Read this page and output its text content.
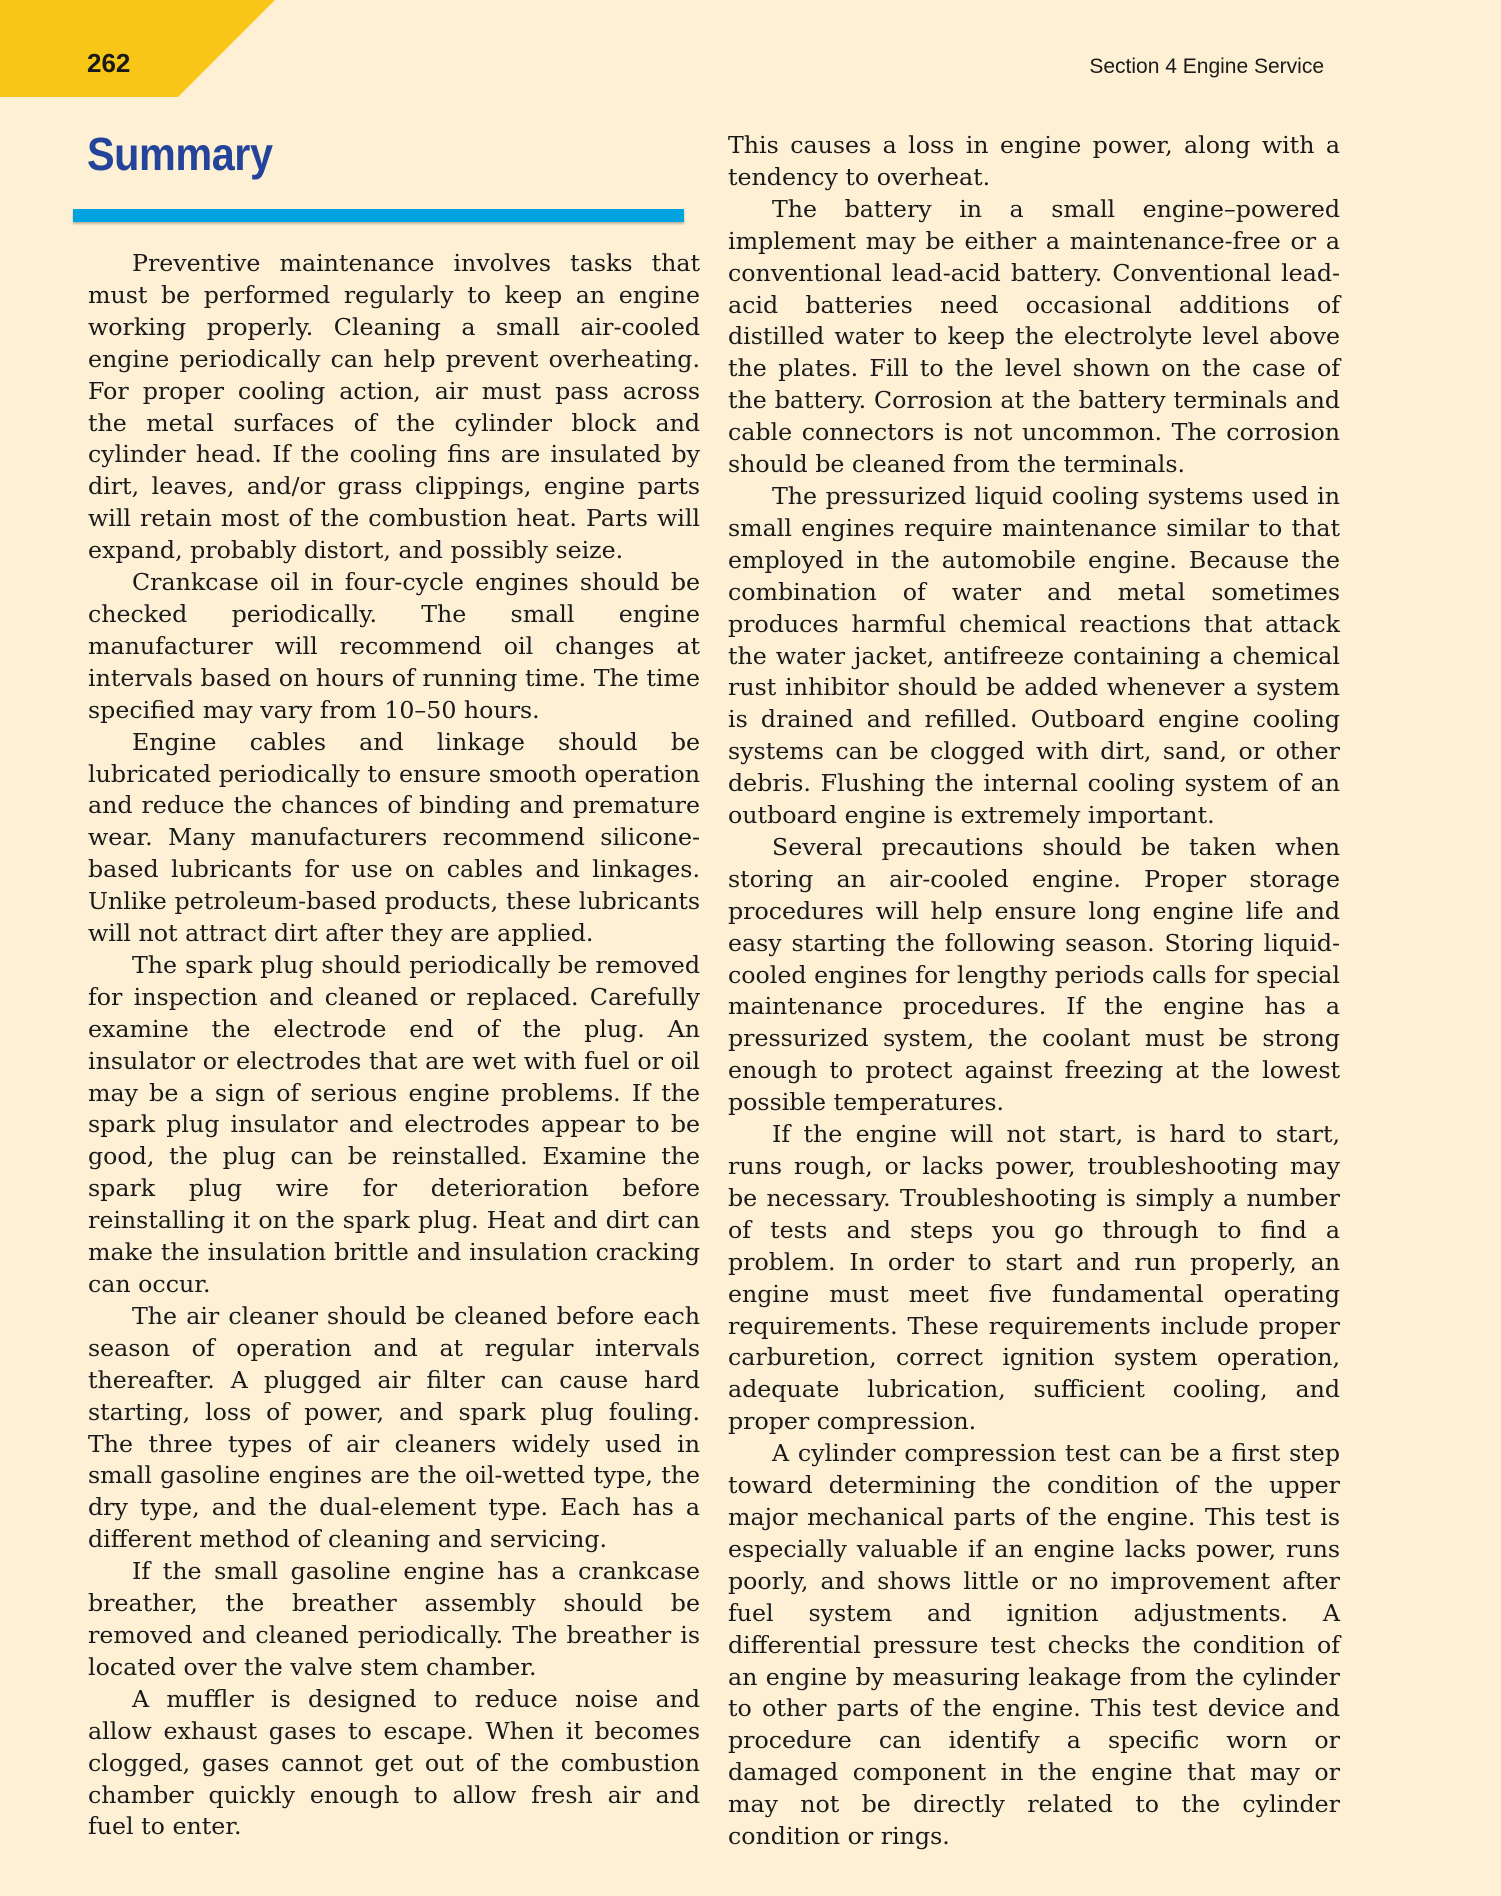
262	Section 4 Engine Service
Summary

Preventive maintenance involves tasks that must be performed regularly to keep an engine working properly. Cleaning a small air-cooled engine periodically can help prevent overheating. For proper cooling action, air must pass across the metal surfaces of the cylinder block and cylinder head. If the cooling fins are insulated by dirt, leaves, and/or grass clippings, engine parts will retain most of the combustion heat. Parts will expand, probably distort, and possibly seize.

Crankcase oil in four-cycle engines should be checked periodically. The small engine manufacturer will recommend oil changes at intervals based on hours of running time. The time specified may vary from 10–50 hours.

Engine cables and linkage should be lubricated periodically to ensure smooth operation and reduce the chances of binding and premature wear. Many manufacturers recommend silicone-based lubricants for use on cables and linkages. Unlike petroleum-based products, these lubricants will not attract dirt after they are applied.

The spark plug should periodically be removed for inspection and cleaned or replaced. Carefully examine the electrode end of the plug. An insulator or electrodes that are wet with fuel or oil may be a sign of serious engine problems. If the spark plug insulator and electrodes appear to be good, the plug can be reinstalled. Examine the spark plug wire for deterioration before reinstalling it on the spark plug. Heat and dirt can make the insulation brittle and insulation cracking can occur.

The air cleaner should be cleaned before each season of operation and at regular intervals thereafter. A plugged air filter can cause hard starting, loss of power, and spark plug fouling. The three types of air cleaners widely used in small gasoline engines are the oil-wetted type, the dry type, and the dual-element type. Each has a different method of cleaning and servicing.

If the small gasoline engine has a crankcase breather, the breather assembly should be removed and cleaned periodically. The breather is located over the valve stem chamber.

A muffler is designed to reduce noise and allow exhaust gases to escape. When it becomes clogged, gases cannot get out of the combustion chamber quickly enough to allow fresh air and fuel to enter.

This causes a loss in engine power, along with a tendency to overheat.

The battery in a small engine–powered implement may be either a maintenance-free or a conventional lead-acid battery. Conventional lead-acid batteries need occasional additions of distilled water to keep the electrolyte level above the plates. Fill to the level shown on the case of the battery. Corrosion at the battery terminals and cable connectors is not uncommon. The corrosion should be cleaned from the terminals.

The pressurized liquid cooling systems used in small engines require maintenance similar to that employed in the automobile engine. Because the combination of water and metal sometimes produces harmful chemical reactions that attack the water jacket, antifreeze containing a chemical rust inhibitor should be added whenever a system is drained and refilled. Outboard engine cooling systems can be clogged with dirt, sand, or other debris. Flushing the internal cooling system of an outboard engine is extremely important.

Several precautions should be taken when storing an air-cooled engine. Proper storage procedures will help ensure long engine life and easy starting the following season. Storing liquid-cooled engines for lengthy periods calls for special maintenance procedures. If the engine has a pressurized system, the coolant must be strong enough to protect against freezing at the lowest possible temperatures.

If the engine will not start, is hard to start, runs rough, or lacks power, troubleshooting may be necessary. Troubleshooting is simply a number of tests and steps you go through to find a problem. In order to start and run properly, an engine must meet five fundamental operating requirements. These requirements include proper carburetion, correct ignition system operation, adequate lubrication, sufficient cooling, and proper compression.

A cylinder compression test can be a first step toward determining the condition of the upper major mechanical parts of the engine. This test is especially valuable if an engine lacks power, runs poorly, and shows little or no improvement after fuel system and ignition adjustments. A differential pressure test checks the condition of an engine by measuring leakage from the cylinder to other parts of the engine. This test device and procedure can identify a specific worn or damaged component in the engine that may or may not be directly related to the cylinder condition or rings.
